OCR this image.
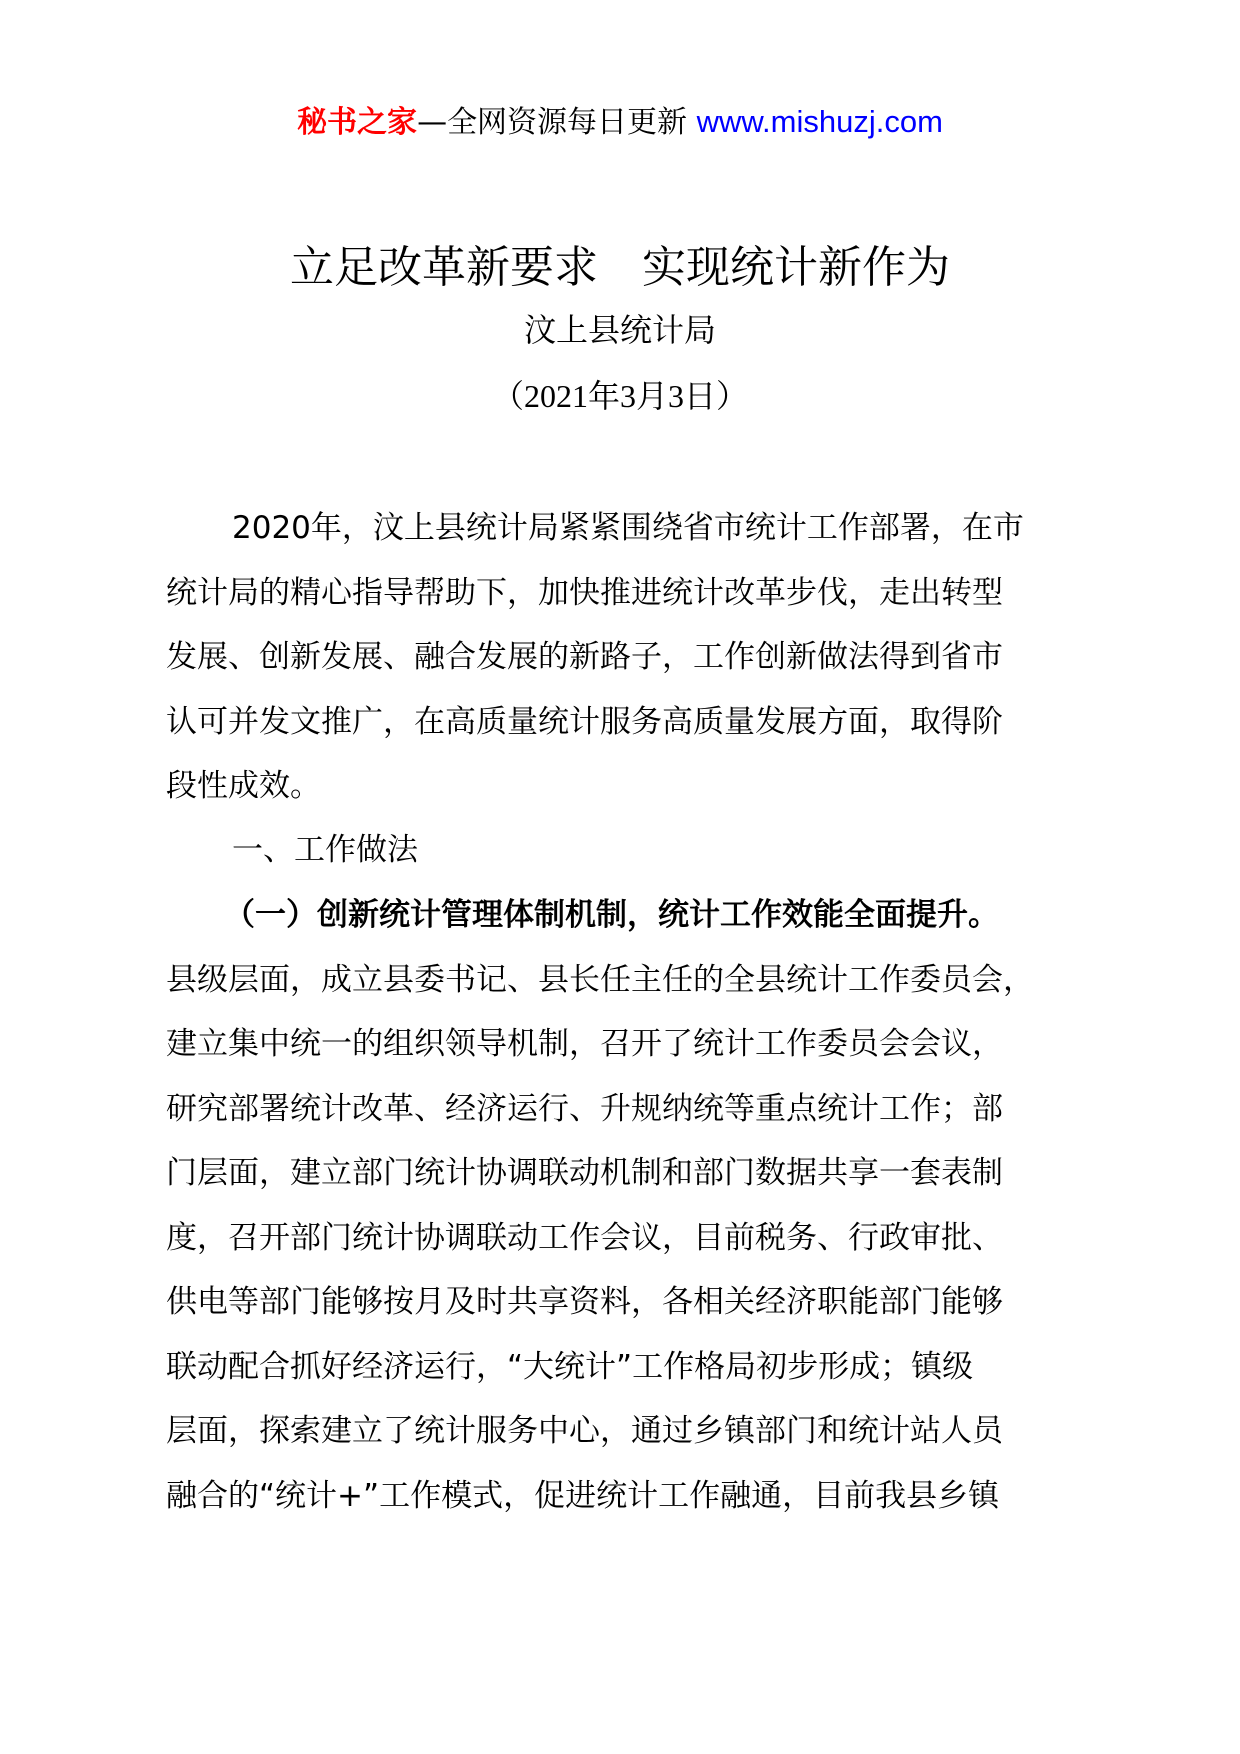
秘书之家—全网资源每日更新 www.mishuzj.com
立足改革新要求　实现统计新作为
汶上县统计局
（2021年3月3日）
2020年，汶上县统计局紧紧围绕省市统计工作部署，在市
统计局的精心指导帮助下，加快推进统计改革步伐，走出转型
发展、创新发展、融合发展的新路子，工作创新做法得到省市
认可并发文推广，在高质量统计服务高质量发展方面，取得阶
段性成效。
一、工作做法
（一）创新统计管理体制机制，统计工作效能全面提升。
县级层面，成立县委书记、县长任主任的全县统计工作委员会，
建立集中统一的组织领导机制，召开了统计工作委员会会议，
研究部署统计改革、经济运行、升规纳统等重点统计工作；部
门层面，建立部门统计协调联动机制和部门数据共享一套表制
度，召开部门统计协调联动工作会议，目前税务、行政审批、
供电等部门能够按月及时共享资料，各相关经济职能部门能够
联动配合抓好经济运行，“大统计”工作格局初步形成；镇级
层面，探索建立了统计服务中心，通过乡镇部门和统计站人员
融合的“统计+”工作模式，促进统计工作融通，目前我县乡镇
